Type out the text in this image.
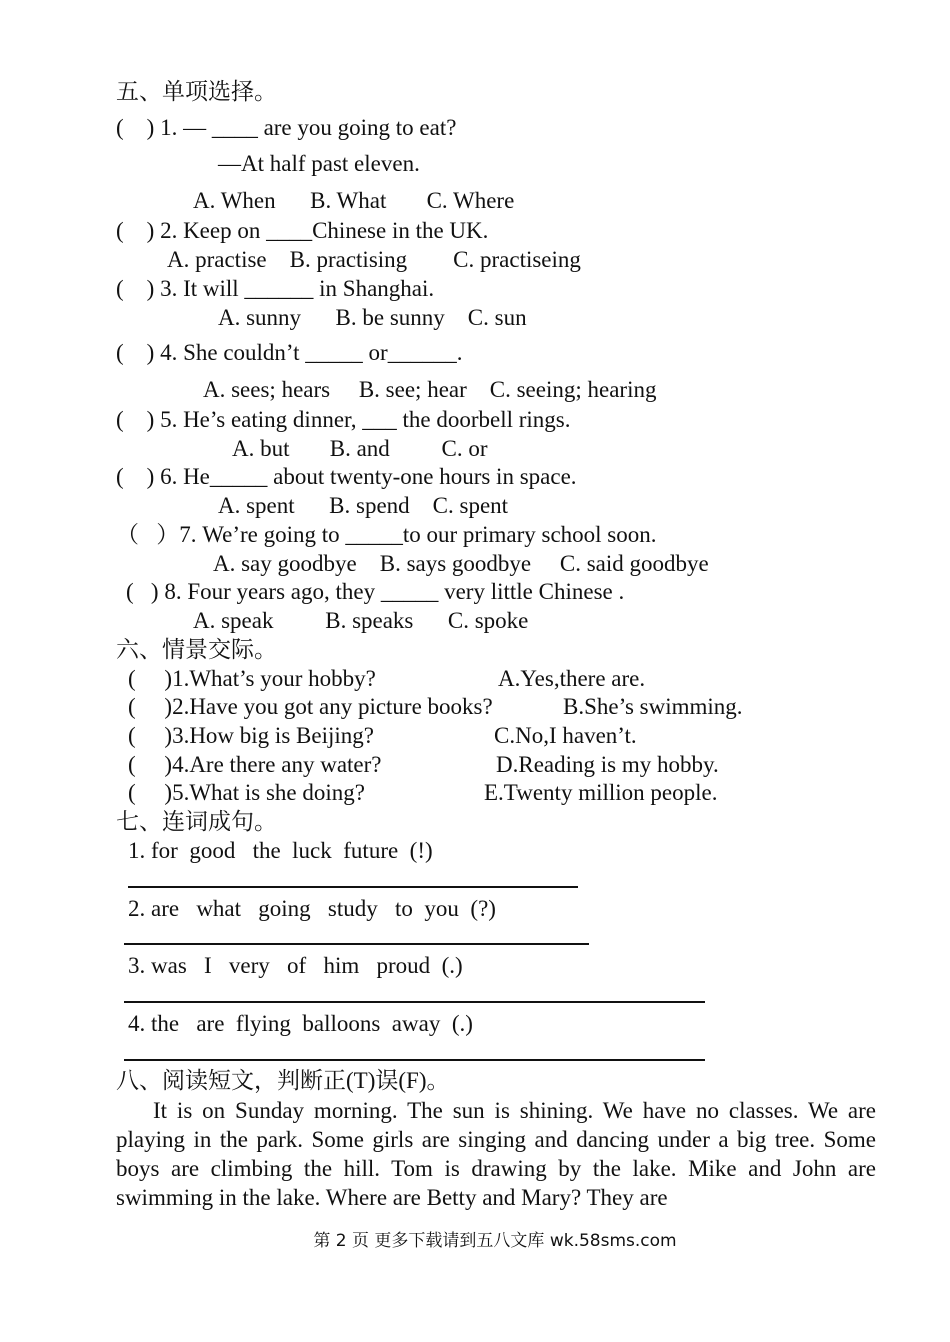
五、单项选择。
(    ) 1. — ____ are you going to eat?
—At half past eleven.
A. When      B. What       C. Where
(    ) 2. Keep on ____Chinese in the UK.
A. practise    B. practising        C. practiseing
(    ) 3. It will ______ in Shanghai.
A. sunny      B. be sunny    C. sun
(    ) 4. She couldn’t _____ or______.
A. sees; hears     B. see; hear    C. seeing; hearing
(    ) 5. He’s eating dinner, ___ the doorbell rings.
A. but       B. and         C. or
(    ) 6. He_____ about twenty-one hours in space.
A. spent      B. spend    C. spent
（   ）7. We’re going to _____to our primary school soon.
A. say goodbye    B. says goodbye     C. said goodbye
(   ) 8. Four years ago, they _____ very little Chinese .
A. speak         B. speaks      C. spoke
六、情景交际。
(     )1.What’s your hobby?	A.Yes,there are.
(     )2.Have you got any picture books?	B.She’s swimming.
(     )3.How big is Beijing?	C.No,I haven’t.
(     )4.Are there any water?	D.Reading is my hobby.
(     )5.What is she doing?	E.Twenty million people.
七、连词成句。
1. for  good   the  luck  future  (!)
2. are   what   going   study   to  you  (?)
3. was   I   very   of   him   proud  (.)
4. the   are  flying  balloons  away  (.)
八、阅读短文，判断正(T)误(F)。
It is on Sunday morning. The sun is shining. We have no classes. We are playing in the park. Some girls are singing and dancing under a big tree. Some boys are climbing the hill. Tom is drawing by the lake. Mike and John are swimming in the lake. Where are Betty and Mary? They are
第 2 页 更多下载请到五八文库 wk.58sms.com
